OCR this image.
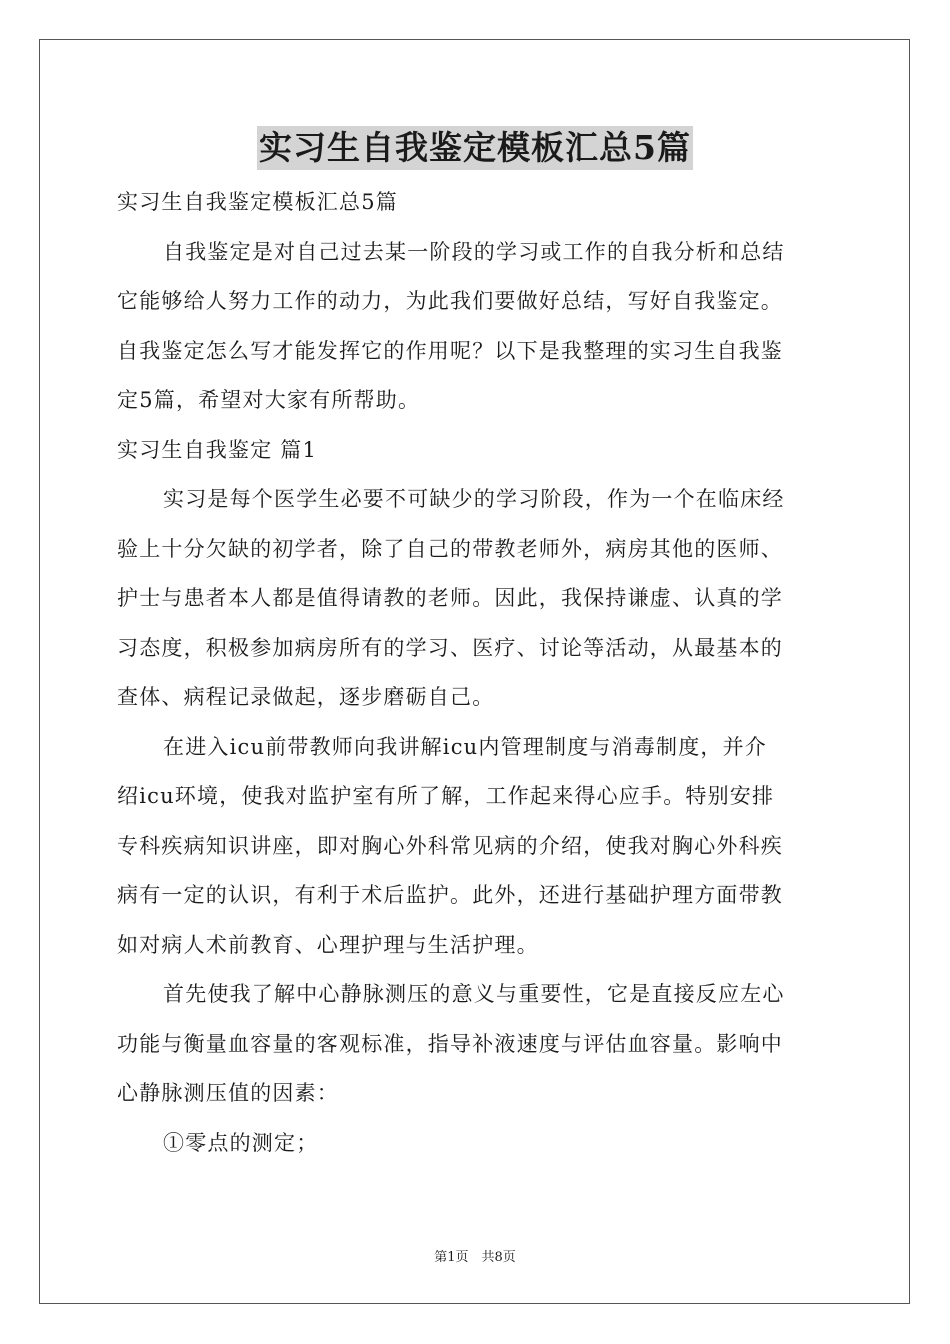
实习生自我鉴定模板汇总5篇
实习生自我鉴定模板汇总5篇
自我鉴定是对自己过去某一阶段的学习或工作的自我分析和总结
它能够给人努力工作的动力，为此我们要做好总结，写好自我鉴定。
自我鉴定怎么写才能发挥它的作用呢？以下是我整理的实习生自我鉴
定5篇，希望对大家有所帮助。
实习生自我鉴定 篇1
实习是每个医学生必要不可缺少的学习阶段，作为一个在临床经
验上十分欠缺的初学者，除了自己的带教老师外，病房其他的医师、
护士与患者本人都是值得请教的老师。因此，我保持谦虚、认真的学
习态度，积极参加病房所有的学习、医疗、讨论等活动，从最基本的
查体、病程记录做起，逐步磨砺自己。
在进入icu前带教师向我讲解icu内管理制度与消毒制度，并介
绍icu环境，使我对监护室有所了解，工作起来得心应手。特别安排
专科疾病知识讲座，即对胸心外科常见病的介绍，使我对胸心外科疾
病有一定的认识，有利于术后监护。此外，还进行基础护理方面带教
如对病人术前教育、心理护理与生活护理。
首先使我了解中心静脉测压的意义与重要性，它是直接反应左心
功能与衡量血容量的客观标准，指导补液速度与评估血容量。影响中
心静脉测压值的因素：
①零点的测定；
第1页　共8页
